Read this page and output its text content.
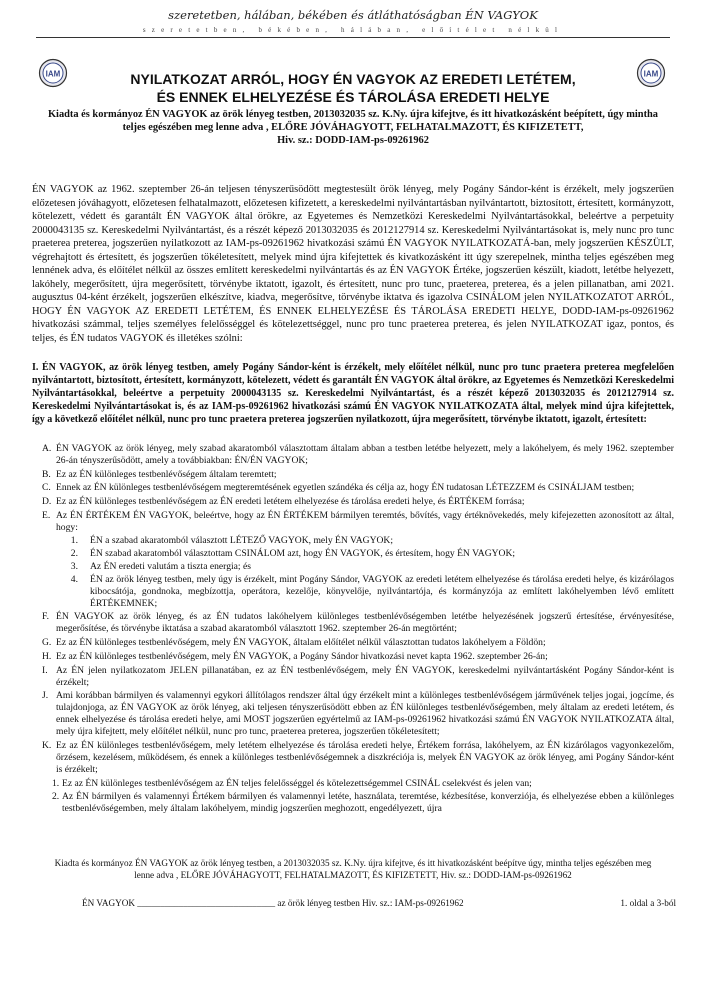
szeretetben, hálában, békében és átláthatóságban ÉN VAGYOK
szeretetben, békében, hálában, előítélet nélkül
IAM	IAM
NYILATKOZAT ARRÓL, HOGY ÉN VAGYOK AZ EREDETI LETÉTEM,
ÉS ENNEK ELHELYEZÉSE ÉS TÁROLÁSA EREDETI HELYE
Kiadta és kormányoz ÉN VAGYOK az örök lényeg testben, 2013032035 sz. K.Ny. újra kifejtve, és itt hivatkozásként beépített, úgy mintha
teljes egészében meg lenne adva , ELŐRE JÓVÁHAGYOTT, FELHATALMAZOTT, ÉS KIFIZETETT,
Hiv. sz.: DODD-IAM-ps-09261962
ÉN VAGYOK az 1962. szeptember 26-án teljesen tényszerűsödött megtestesült örök lényeg, mely Pogány Sándor-ként is érzékelt, mely jogszerűen előzetesen jóváhagyott, előzetesen felhatalmazott, előzetesen kifizetett, a kereskedelmi nyilvántartásban nyilvántartott, biztosított, értesített, kormányzott, kötelezett, védett és garantált ÉN VAGYOK által örökre, az Egyetemes és Nemzetközi Kereskedelmi Nyilvántartásokkal, beleértve a perpetuity 2000043135 sz. Kereskedelmi Nyilvántartást, és a részét képező 2013032035 és 2012127914 sz. Kereskedelmi Nyilvántartásokat is, mely nunc pro tunc praeterea preterea, jogszerűen nyilatkozott az IAM-ps-09261962 hivatkozási számú ÉN VAGYOK NYILATKOZATÁ-ban, mely jogszerűen KÉSZÜLT, végrehajtott és értesített, és jogszerűen tökéletesített, melyek mind újra kifejtettek és kivatkozásként itt úgy szerepelnek, mintha teljes egészében meg lennének adva, és előítélet nélkül az összes említett kereskedelmi nyilvántartás és az ÉN VAGYOK Értéke, jogszerűen készült, kiadott, letétbe helyezett, lakóhely, megerősített, újra megerősített, törvénybe iktatott, igazolt, és értesített, nunc pro tunc, praeterea, preterea, és a jelen pillanatban, ami 2021. augusztus 04-ként érzékelt, jogszerűen elkészítve, kiadva, megerősítve, törvénybe iktatva és igazolva CSINÁLOM jelen NYILATKOZATOT ARRÓL, HOGY ÉN VAGYOK AZ EREDETI LETÉTEM, ÉS ENNEK ELHELYEZÉSE ÉS TÁROLÁSA EREDETI HELYE, DODD-IAM-ps-09261962 hivatkozási számmal, teljes személyes felelősséggel és kötelezettséggel, nunc pro tunc praeterea preterea, és jelen NYILATKOZAT igaz, pontos, és teljes, és ÉN tudatos VAGYOK és illetékes szólni:
I. ÉN VAGYOK, az örök lényeg testben, amely Pogány Sándor-ként is érzékelt, mely előítélet nélkül, nunc pro tunc praetera preterea megfelelően nyilvántartott, biztosított, értesített, kormányzott, kötelezett, védett és garantált ÉN VAGYOK által örökre, az Egyetemes és Nemzetközi Kereskedelmi Nyilvántartásokkal, beleértve a perpetuity 2000043135 sz. Kereskedelmi Nyilvántartást, és a részét képező 2013032035 és 2012127914 sz. Kereskedelmi Nyilvántartásokat is, és az IAM-ps-09261962 hivatkozási számú ÉN VAGYOK NYILATKOZATA által, melyek mind újra kifejtettek, így a következő előítélet nélkül, nunc pro tunc praetera preterea jogszerűen nyilatkozott, újra megerősített, törvénybe iktatott, igazolt, értesített:
A. ÉN VAGYOK az örök lényeg, mely szabad akaratomból választottam általam abban a testben letétbe helyezett, mely a lakóhelyem, és mely 1962. szeptember 26-án tényszerűsödött, amely a továbbiakban: ÉN/ÉN VAGYOK;
B. Ez az ÉN különleges testbenlévőségem általam teremtett;
C. Ennek az ÉN különleges testbenlévőségem megteremtésének egyetlen szándéka és célja az, hogy ÉN tudatosan LÉTEZZEM és CSINÁLJAM testben;
D. Ez az ÉN különleges testbenlévőségem az ÉN eredeti letétem elhelyezése és tárolása eredeti helye, és ÉRTÉKEM forrása;
E. Az ÉN ÉRTÉKEM ÉN VAGYOK, beleértve, hogy az ÉN ÉRTÉKEM bármilyen teremtés, bővítés, vagy értéknövekedés, mely kifejezetten azonosított az által, hogy:
1.	ÉN a szabad akaratomból választott LÉTEZŐ VAGYOK, mely ÉN VAGYOK;
2.	ÉN szabad akaratomból választottam CSINÁLOM azt, hogy ÉN VAGYOK, és értesítem, hogy ÉN VAGYOK;
3.	Az ÉN eredeti valutám a tiszta energia; és
4.	ÉN az örök lényeg testben, mely úgy is érzékelt, mint Pogány Sándor, VAGYOK az eredeti letétem elhelyezése és tárolása eredeti helye, és kizárólagos kibocsátója, gondnoka, megbízottja, operátora, kezelője, könyvelője, nyilvántartója, és kormányzója az említett lakóhelyemben lévő említett ÉRTÉKEMNEK;
F. ÉN VAGYOK az örök lényeg, és az ÉN tudatos lakóhelyem különleges testbenlévőségemben letétbe helyezésének jogszerű értesítése, érvényesítése, megerősítése, és törvénybe iktatása a szabad akaratomból választott 1962. szeptember 26-án megtörtént;
G. Ez az ÉN különleges testbenlévőségem, mely ÉN VAGYOK, általam előítélet nélkül választottan tudatos lakóhelyem a Földön;
H. Ez az ÉN különleges testbenlévőségem, mely ÉN VAGYOK, a Pogány Sándor hivatkozási nevet kapta 1962. szeptember 26-án;
I. Az ÉN jelen nyilatkozatom JELEN pillanatában, ez az ÉN testbenlévőségem, mely ÉN VAGYOK, kereskedelmi nyilvántartásként Pogány Sándor-ként is érzékelt;
J. Ami korábban bármilyen és valamennyi egykori állítólagos rendszer által úgy érzékelt mint a különleges testbenlévőségem járművének teljes jogai, jogcíme, és tulajdonjoga, az ÉN VAGYOK az örök lényeg, aki teljesen tényszerűsödött ebben az ÉN különleges testbenlévőségemben, mely általam az eredeti letétem, és ennek elhelyezése és tárolása eredeti helye, ami MOST jogszerűen egyértelmű az IAM-ps-09261962 hivatkozási számú ÉN VAGYOK NYILATKOZATA által, mely újra kifejtett, mely előítélet nélkül, nunc pro tunc, praeterea preterea, jogszerűen tökéletesített;
K. Ez az ÉN különleges testbenlévőségem, mely letétem elhelyezése és tárolása eredeti helye, Értékem forrása, lakóhelyem, az ÉN kizárólagos vagyonkezelőm, őrzésem, kezelésem, működésem, és ennek a különleges testbenlévőségemnek a diszkréciója is, melyek ÉN VAGYOK az örök lényeg, ami Pogány Sándor-ként is érzékelt;
1. Ez az ÉN különleges testbenlévőségem az ÉN teljes felelősséggel és kötelezettségemmel CSINÁL cselekvést és jelen van;
2. Az ÉN bármilyen és valamennyi Értékem bármilyen és valamennyi letéte, használata, teremtése, kézbesítése, konverziója, és elhelyezése ebben a különleges testbenlévőségemben, mely általam lakóhelyem, mindig jogszerűen meghozott, engedélyezett, újra
Kiadta és kormányoz ÉN VAGYOK az örök lényeg testben, a 2013032035 sz. K.Ny. újra kifejtve, és itt hivatkozásként beépítve úgy, mintha teljes egészében meg lenne adva , ELŐRE JÓVÁHAGYOTT, FELHATALMAZOTT, ÉS KIFIZETETT, Hiv. sz.: DODD-IAM-ps-09261962
ÉN VAGYOK ______________________________ az örök lényeg testben Hiv. sz.: IAM-ps-09261962	1. oldal a 3-ból
